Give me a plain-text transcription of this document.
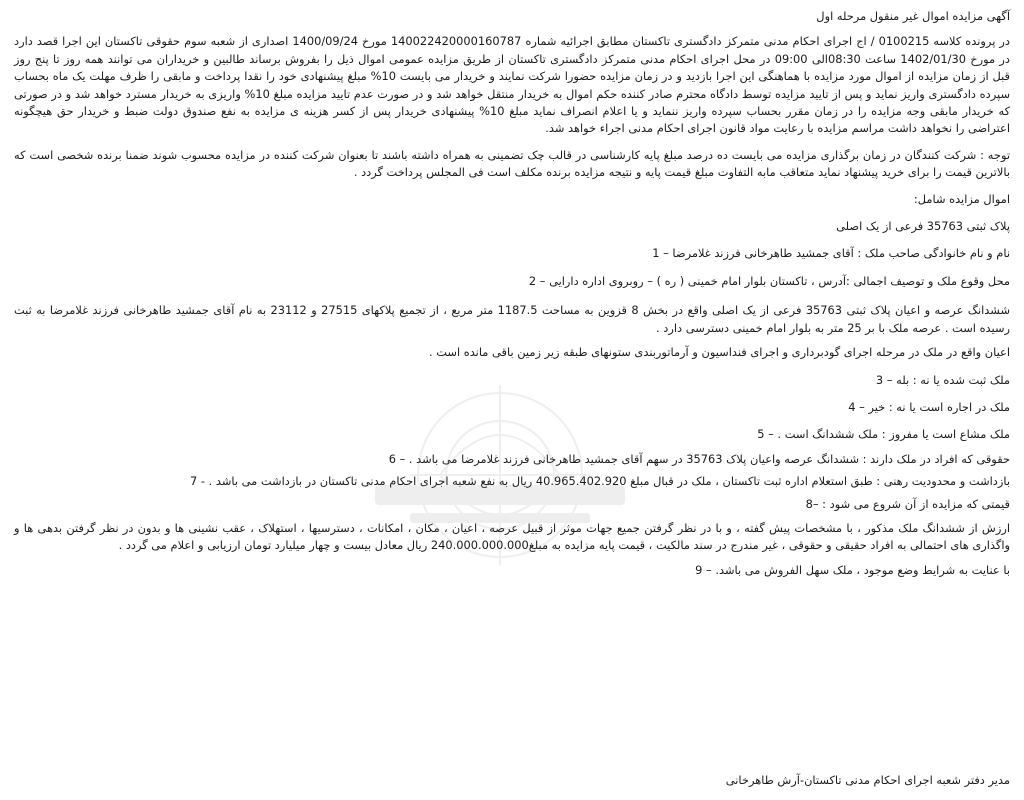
آگهی مزایده اموال غیر منقول مرحله اول

در پرونده کلاسه 0100215 / اج اجرای احکام مدنی متمرکز دادگستری تاکستان مطابق اجرائیه شماره 140022420000160787 مورخ 1400/09/24 اصداری از شعبه سوم حقوقی تاکستان این اجرا قصد دارد در مورخ 1402/01/30 ساعت 08:30الی 09:00 در محل اجرای احکام مدنی متمرکز دادگستری تاکستان از طریق مزایده عمومی اموال ذیل را بفروش برساند طالبین و خریداران می توانند همه روز تا پنج روز قبل از زمان مزایده از اموال مورد مزایده با هماهنگی این اجرا بازدید و در زمان مزایده حضورا شرکت نمایند و خریدار می بایست 10% مبلغ پیشنهادی خود را نقدا پرداخت و مابقی را ظرف مهلت یک ماه بحساب سپرده دادگستری واریز نماید و پس از تایید مزایده توسط دادگاه محترم صادر کننده حکم اموال به خریدار منتقل خواهد شد و در صورت عدم تایید مزایده مبلغ 10% واریزی به خریدار مسترد خواهد شد و در صورتی که خریدار مابقی وجه مزایده را در زمان مقرر بحساب سپرده واریز ننماید و یا اعلام انصراف نماید مبلغ 10% پیشنهادی خریدار پس از کسر هزینه ی مزایده به نفع صندوق دولت ضبط و خریدار حق هیچگونه اعتراضی را نخواهد داشت مراسم مزایده با رعایت مواد قانون اجرای احکام مدنی اجراء خواهد شد.

توجه : شرکت کنندگان در زمان برگذاری مزایده می بایست ده درصد مبلغ پایه کارشناسی در قالب چک تضمینی به همراه داشته باشند تا بعنوان شرکت کننده در مزایده محسوب شوند ضمنا برنده شخصی است که بالاترین قیمت را برای خرید پیشنهاد نماید متعاقب مابه التفاوت مبلغ قیمت پایه و نتیجه مزایده برنده مکلف است فی المجلس پرداخت گردد .

اموال مزایده شامل:

پلاک ثبتی 35763 فرعی از یک اصلی

نام و نام خانوادگی صاحب ملک : آقای جمشید طاهرخانی فرزند غلامرضا – 1

محل وقوع ملک و توصیف اجمالی :آدرس ، تاکستان بلوار امام خمینی ( ره ) – روبروی اداره دارایی – 2

ششدانگ عرصه و اعیان پلاک ثبتی 35763 فرعی از یک اصلی واقع در بخش 8 قزوین به مساحت 1187.5 متر مربع ، از تجمیع پلاکهای 27515 و 23112 به نام آقای جمشید طاهرخانی فرزند غلامرضا به ثبت رسیده است . عرصه ملک با بر 25 متر به بلوار امام خمینی دسترسی دارد .

اعیان واقع در ملک در مرحله اجرای گودبرداری و اجرای فنداسیون و آرماتوربندی ستونهای طبقه زیر زمین باقی مانده است .

ملک ثبت شده یا نه : بله – 3

ملک در اجاره است یا نه : خیر – 4

ملک مشاع است یا مفروز : ملک ششدانگ است . – 5

حقوقی که افراد در ملک دارند : ششدانگ عرصه واعیان پلاک 35763 در سهم آقای جمشید طاهرخانی فرزند غلامرضا می باشد . – 6

بازداشت و محدودیت رهنی : طبق استعلام اداره ثبت تاکستان ، ملک در قبال مبلغ 40.965.402.920 ریال به نفع شعبه اجرای احکام مدنی تاکستان در بازداشت می باشد . - 7

قیمتی که مزایده از آن شروع می شود : –8

ارزش از ششدانگ ملک مذکور ، با مشخصات پیش گفته ، و با در نظر گرفتن جمیع جهات موثر از قبیل عرصه ، اعیان ، مکان ، امکانات ، دسترسیها ، استهلاک ، عقب نشینی ها و بدون در نظر گرفتن بدهی ها و واگذاری های احتمالی به افراد حقیقی و حقوقی ، غیر مندرج در سند مالکیت ، قیمت پایه مزایده به مبلغ240.000.000.000 ریال معادل بیست و چهار میلیارد تومان ارزیابی و اعلام می گردد .

با عنایت به شرایط وضع موجود ، ملک سهل الفروش می باشد. – 9

مدیر دفتر شعبه اجرای احکام مدنی تاکستان-آرش طاهرخانی
